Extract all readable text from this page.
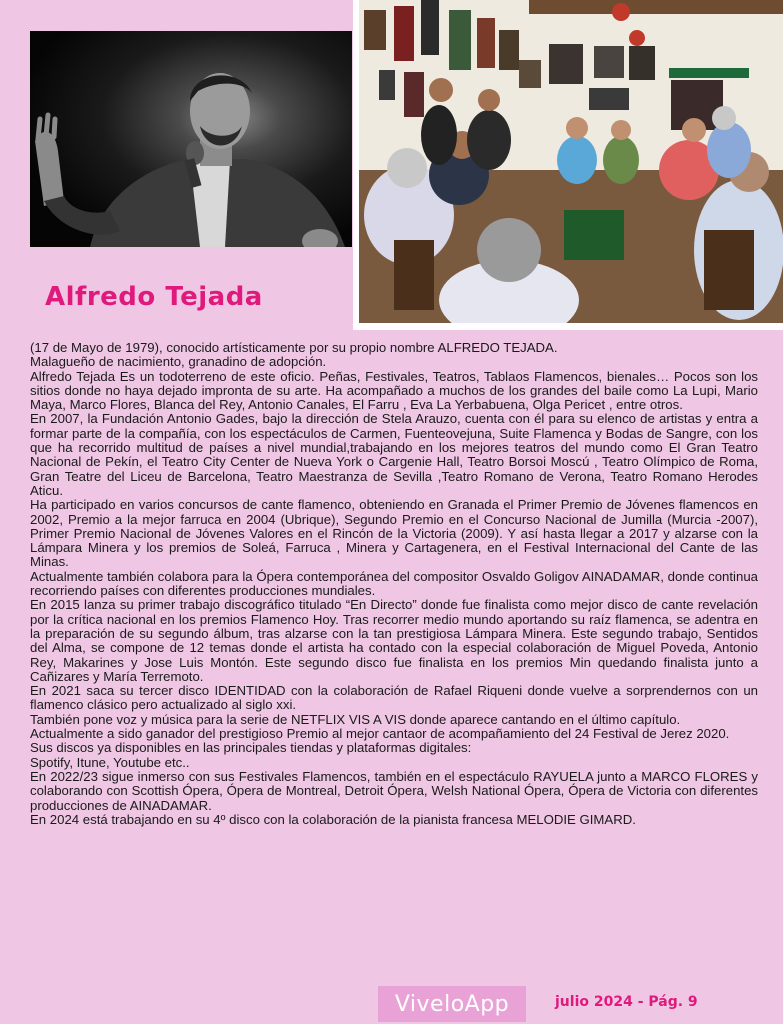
Alfredo Tejada

(17 de Mayo de 1979), conocido artísticamente por su propio nombre ALFREDO TEJADA.

Malagueño de nacimiento, granadino de adopción.

Alfredo Tejada Es un todoterreno de este oficio. Peñas, Festivales, Teatros, Tablaos Flamencos, bienales… Pocos son los sitios donde no haya dejado impronta de su arte. Ha acompañado a muchos de los grandes del baile como La Lupi, Mario Maya, Marco Flores, Blanca del Rey, Antonio Canales, El Farru , Eva La Yerbabuena, Olga Pericet , entre otros.

En 2007, la Fundación Antonio Gades, bajo la dirección de Stela Arauzo, cuenta con él para su elenco de artistas y entra a formar parte de la compañía, con los espectáculos de Carmen, Fuenteovejuna, Suite Flamenca y Bodas de Sangre, con los que ha recorrido multitud de países a nivel mundial,trabajando en los mejores teatros del mundo como El Gran Teatro Nacional de Pekín, el Teatro City Center de Nueva York o Cargenie Hall, Teatro Borsoi Moscú , Teatro Olímpico de Roma, Gran Teatre del Liceu de Barcelona, Teatro Maestranza de Sevilla ,Teatro Romano de Verona, Teatro Romano Herodes Aticu.

Ha participado en varios concursos de cante flamenco, obteniendo en Granada el Primer Premio de Jóvenes flamencos en 2002, Premio a la mejor farruca en 2004 (Ubrique), Segundo Premio en el Concurso Nacional de Jumilla (Murcia -2007), Primer Premio Nacional de Jóvenes Valores en el Rincón de la Victoria (2009). Y así hasta llegar a 2017 y alzarse con la Lámpara Minera y los premios de Soleá, Farruca , Minera y Cartagenera, en el Festival Internacional del Cante de las Minas.

Actualmente también colabora para la Ópera contemporánea del compositor Osvaldo Goligov AINADAMAR, donde continua recorriendo países con diferentes producciones mundiales.

En 2015 lanza su primer trabajo discográfico titulado “En Directo” donde fue finalista como mejor disco de cante revelación por la crítica nacional en los premios Flamenco Hoy. Tras recorrer medio mundo aportando su raíz flamenca, se adentra en la preparación de su segundo álbum, tras alzarse con la tan prestigiosa Lámpara Minera. Este segundo trabajo, Sentidos del Alma, se compone de 12 temas donde el artista ha contado con la especial colaboración de Miguel Poveda, Antonio Rey, Makarines y Jose Luis Montón. Este segundo disco fue finalista en los premios Min quedando finalista junto a Cañizares y María Terremoto.

En 2021 saca su tercer disco IDENTIDAD con la colaboración de Rafael Riqueni donde vuelve a sorprendernos con un flamenco clásico pero actualizado al siglo xxi.

También pone voz y música para la serie de NETFLIX VIS A VIS donde aparece cantando en el último capítulo.

Actualmente a sido ganador del prestigioso Premio al mejor cantaor de acompañamiento del 24 Festival de Jerez 2020.

Sus discos ya disponibles en las principales tiendas y plataformas digitales:

Spotify, Itune, Youtube etc..

En 2022/23 sigue inmerso con sus Festivales Flamencos, también en el espectáculo RAYUELA junto a MARCO FLORES y colaborando con Scottish Ópera, Ópera de Montreal, Detroit Ópera, Welsh National Ópera, Ópera de Victoria con diferentes producciones de AINADAMAR.

En 2024 está trabajando en su 4º disco con la colaboración de la pianista francesa MELODIE GIMARD.

ViveloApp	julio 2024 - Pág. 9
